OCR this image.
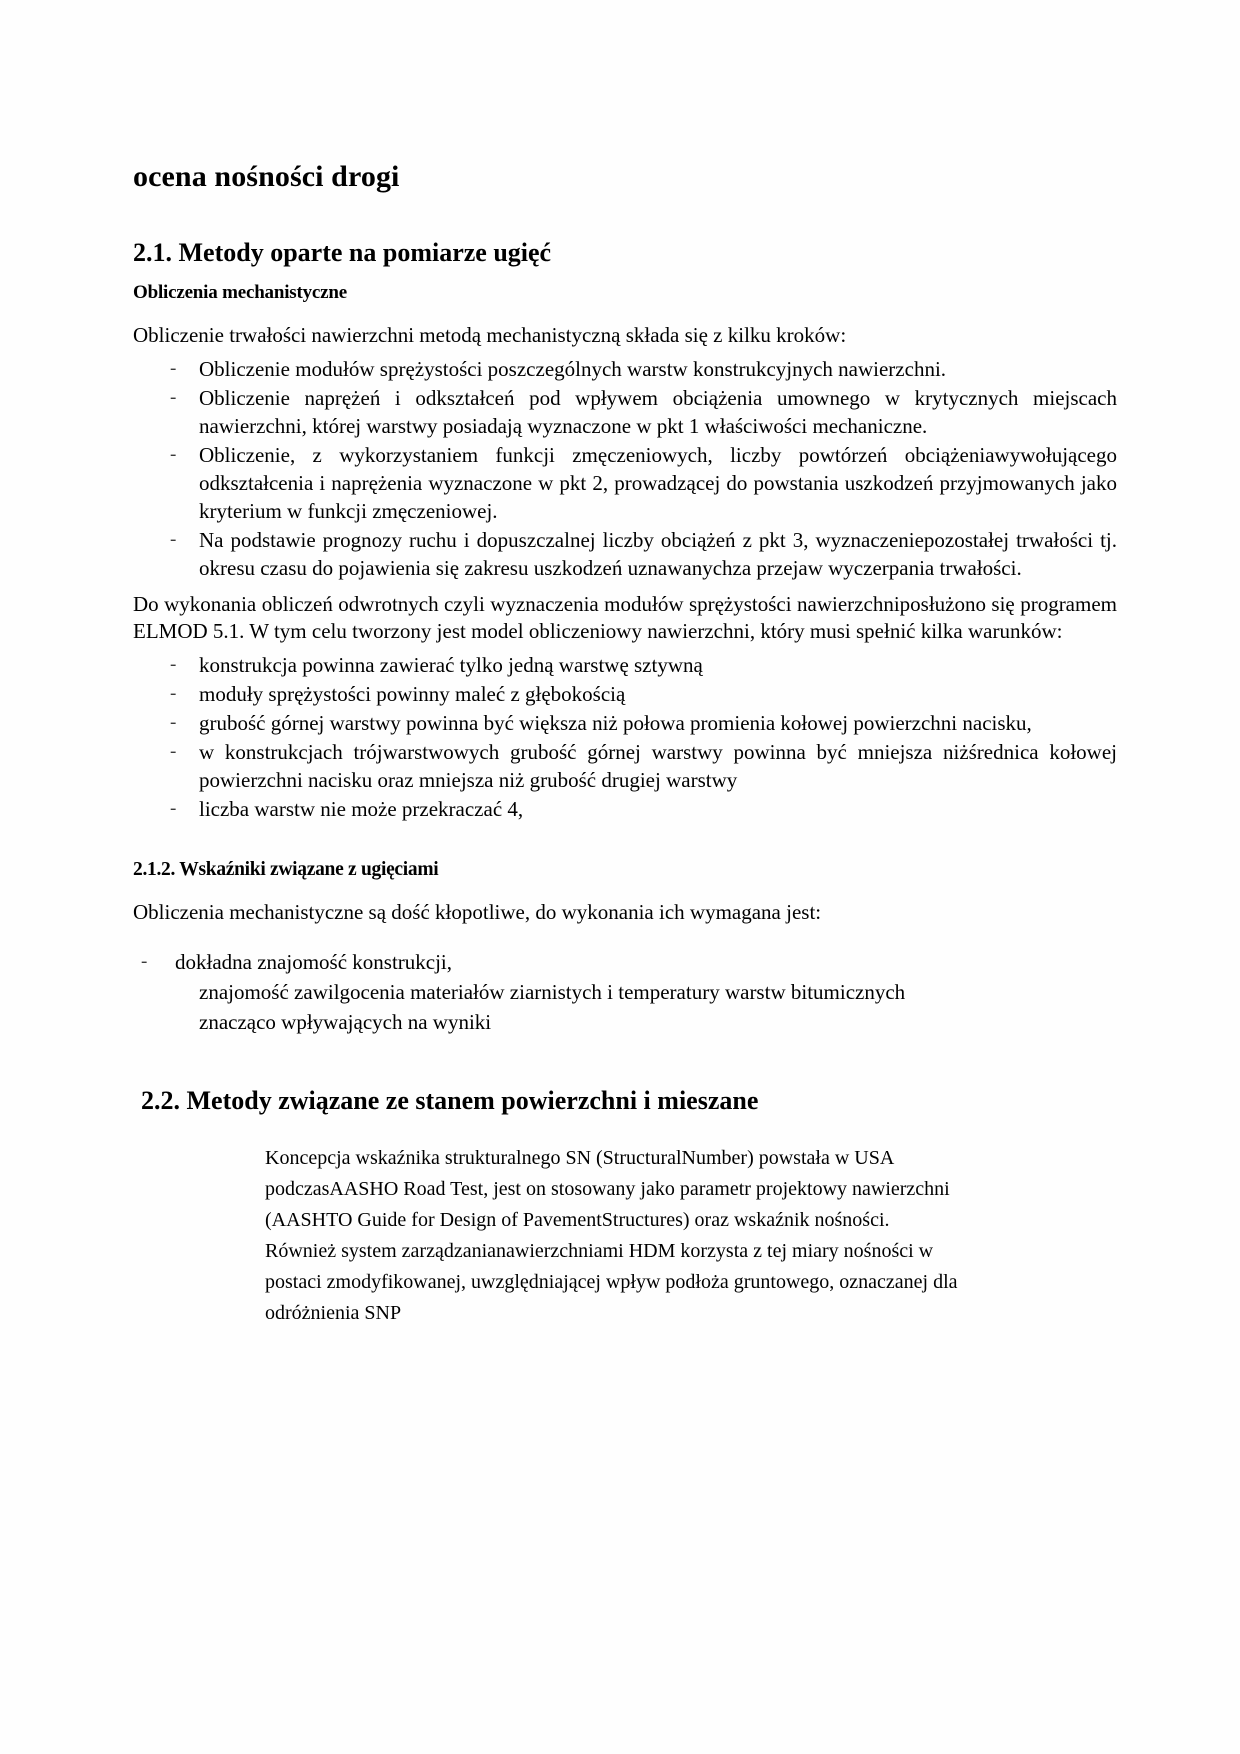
ocena nośności drogi
2.1. Metody oparte na pomiarze ugięć
Obliczenia mechanistyczne

Obliczenie trwałości nawierzchni metodą mechanistyczną składa się z kilku kroków:

- Obliczenie modułów sprężystości poszczególnych warstw konstrukcyjnych nawierzchni.
- Obliczenie naprężeń i odkształceń pod wpływem obciążenia umownego w krytycznych miejscach nawierzchni, której warstwy posiadają wyznaczone w pkt 1 właściwości mechaniczne.
- Obliczenie, z wykorzystaniem funkcji zmęczeniowych, liczby powtórzeń obciążeniawywołującego odkształcenia i naprężenia wyznaczone w pkt 2, prowadzącej do powstania uszkodzeń przyjmowanych jako kryterium w funkcji zmęczeniowej.
- Na podstawie prognozy ruchu i dopuszczalnej liczby obciążeń z pkt 3, wyznaczeniepozostałej trwałości tj. okresu czasu do pojawienia się zakresu uszkodzeń uznawanychza przejaw wyczerpania trwałości.

Do wykonania obliczeń odwrotnych czyli wyznaczenia modułów sprężystości nawierzchniposłużono się programem ELMOD 5.1. W tym celu tworzony jest model obliczeniowy nawierzchni, który musi spełnić kilka warunków:

- konstrukcja powinna zawierać tylko jedną warstwę sztywną
- moduły sprężystości powinny maleć z głębokością
- grubość górnej warstwy powinna być większa niż połowa promienia kołowej powierzchni nacisku,
- w konstrukcjach trójwarstwowych grubość górnej warstwy powinna być mniejsza niżśrednica kołowej powierzchni nacisku oraz mniejsza niż grubość drugiej warstwy
- liczba warstw nie może przekraczać 4,
2.1.2. Wskaźniki związane z ugięciami

Obliczenia mechanistyczne są dość kłopotliwe, do wykonania ich wymagana jest:

- dokładna znajomość konstrukcji,
znajomość zawilgocenia materiałów ziarnistych i temperatury warstw bitumicznych
znacząco wpływających na wyniki
2.2. Metody związane ze stanem powierzchni i mieszane

Koncepcja wskaźnika strukturalnego SN (StructuralNumber) powstała w USA

podczasAASHO Road Test, jest on stosowany jako parametr projektowy nawierzchni

(AASHTO Guide for Design of PavementStructures) oraz wskaźnik nośności.

Również system zarządzanianawierzchniami HDM korzysta z tej miary nośności w

postaci zmodyfikowanej, uwzględniającej wpływ podłoża gruntowego, oznaczanej dla

odróżnienia SNP
